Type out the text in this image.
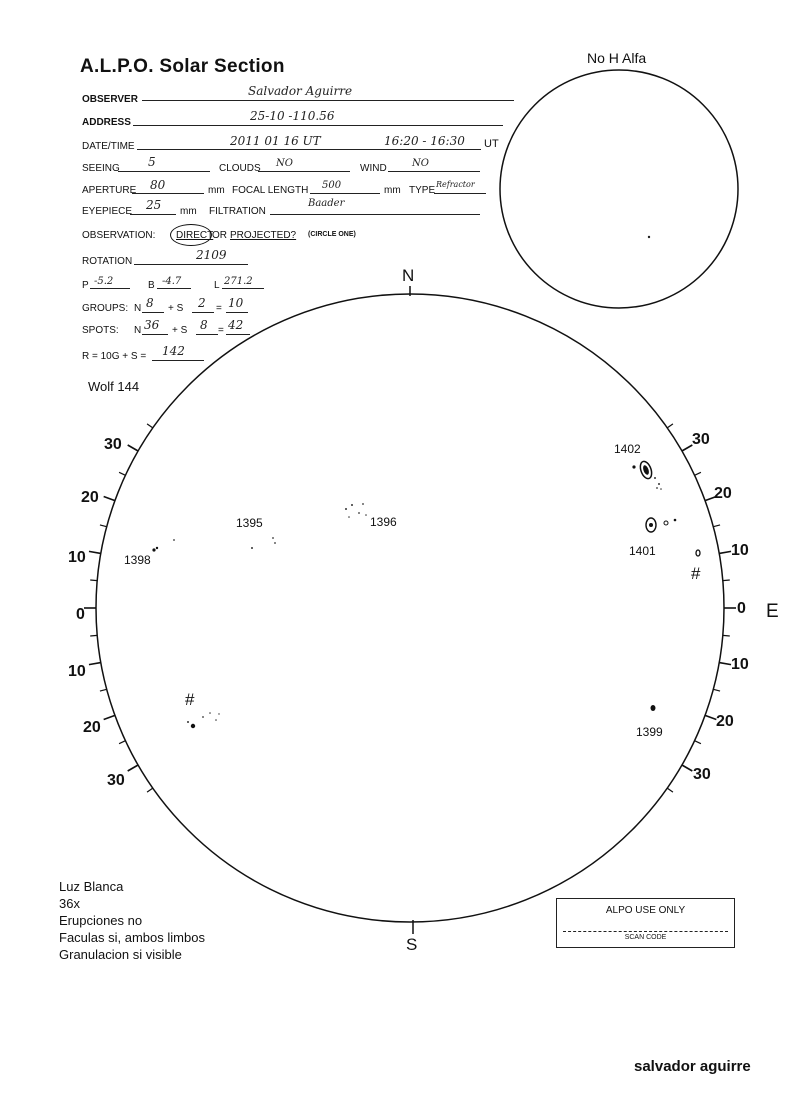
A.L.P.O. Solar Section
OBSERVER
Salvador Aguirre
ADDRESS	25-10 -110.56
DATE/TIME	2011 01 16 UT	16:20 - 16:30 UT
SEEING 5	CLOUDS NO	WIND	NO
APERTURE 80	mm FOCAL LENGTH 500	mm TYPE
Refractor
EYEPIECE 25 mm FILTRATION
Baader
OBSERVATION: DIRECT
OR PROJECTED? (CIRCLE ONE)
ROTATION	2109
P -5.2	B -4.7	L 271.2
GROUPS: N 8 + S 2 = 10
SPOTS: N 36 + S 8 = 42
R = 10G + S = 142
Wolf 144
No H Alfa
N
S
E
30
20
10
0
10
20
30
30
20
10
0
10
20
30
1402
1395	1396
1398
1401
1399
#
#
Luz Blanca
36x
Erupciones no
Faculas si, ambos limbos
Granulacion si visible
ALPO USE ONLY
SCAN CODE
salvador aguirre
